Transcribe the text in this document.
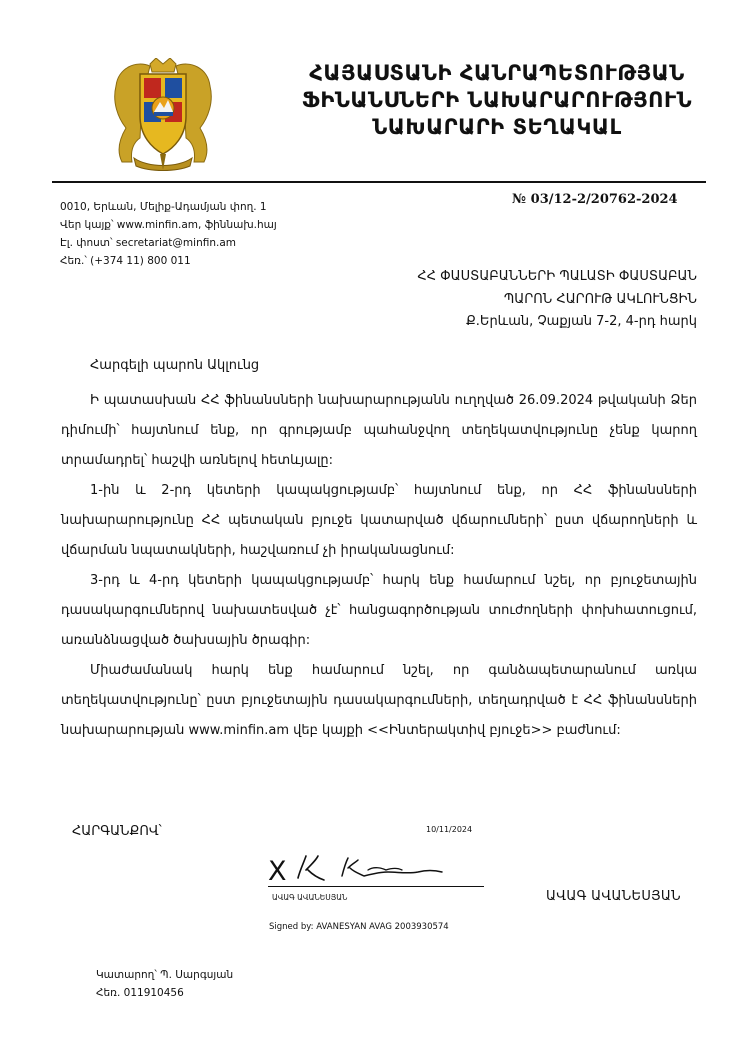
ՀԱՅԱՍՏԱՆԻ ՀԱՆՐԱՊԵՏՈՒԹՅԱՆ
ՖԻՆԱՆՍՆԵՐԻ ՆԱԽԱՐԱՐՈՒԹՅՈՒՆ
ՆԱԽԱՐԱՐԻ ՏԵՂԱԿԱԼ
0010, Երևան, Մելիք-Ադամյան փող. 1
Վեր կայք՝ www.minfin.am, ֆիննախ.հայ
Էլ. փոստ՝ secretariat@minfin.am
Հեռ.՝ (+374 11) 800 011
№ 03/12-2/20762-2024
ՀՀ ՓԱՍՏԱԲԱՆՆԵՐԻ ՊԱԼԱՏԻ ՓԱՍՏԱԲԱՆ
ՊԱՐՈՆ ՀԱՐՈՒԹ ԱԿԼՈՒՆՑԻՆ
Ք.Երևան, Չաքյան 7-2, 4-րդ հարկ
Հարգելի պարոն Ակլունց
Ի պատասխան ՀՀ ֆինանսների նախարարությանն ուղղված 26.09.2024 թվականի Ձեր
դիմումի՝ հայտնում ենք, որ գրությամբ պահանջվող տեղեկատվությունը չենք կարող
տրամադրել՝ հաշվի առնելով հետևյալը:
1-ին և 2-րդ կետերի կապակցությամբ՝ հայտնում ենք, որ ՀՀ ֆինանսների
նախարարությունը ՀՀ պետական բյուջե կատարված վճարումների՝ ըստ վճարողների և
վճարման նպատակների, հաշվառում չի իրականացնում:
3-րդ և 4-րդ կետերի կապակցությամբ՝ հարկ ենք համարում նշել, որ բյուջետային
դասակարգումներով նախատեսված չէ՝ հանցագործության տուժողների փոխհատուցում,
առանձնացված ծախսային ծրագիր:
Միաժամանակ հարկ ենք համարում նշել, որ գանձապետարանում առկա
տեղեկատվությունը՝ ըստ բյուջետային դասակարգումների, տեղադրված է ՀՀ ֆինանսների
նախարարության www.minfin.am վեբ կայքի <<Ինտերակտիվ բյուջե>> բաժնում:
ՀԱՐԳԱՆՔՈՎ՝	10/11/2024
X
ԱՎԱԳ ԱՎԱՆԵՍՅԱՆ
Signed by: AVANESYAN AVAG 2003930574
ԱՎԱԳ ԱՎԱՆԵՍՅԱՆ
Կատարող՝ Պ. Սարգսյան
Հեռ. 011910456
